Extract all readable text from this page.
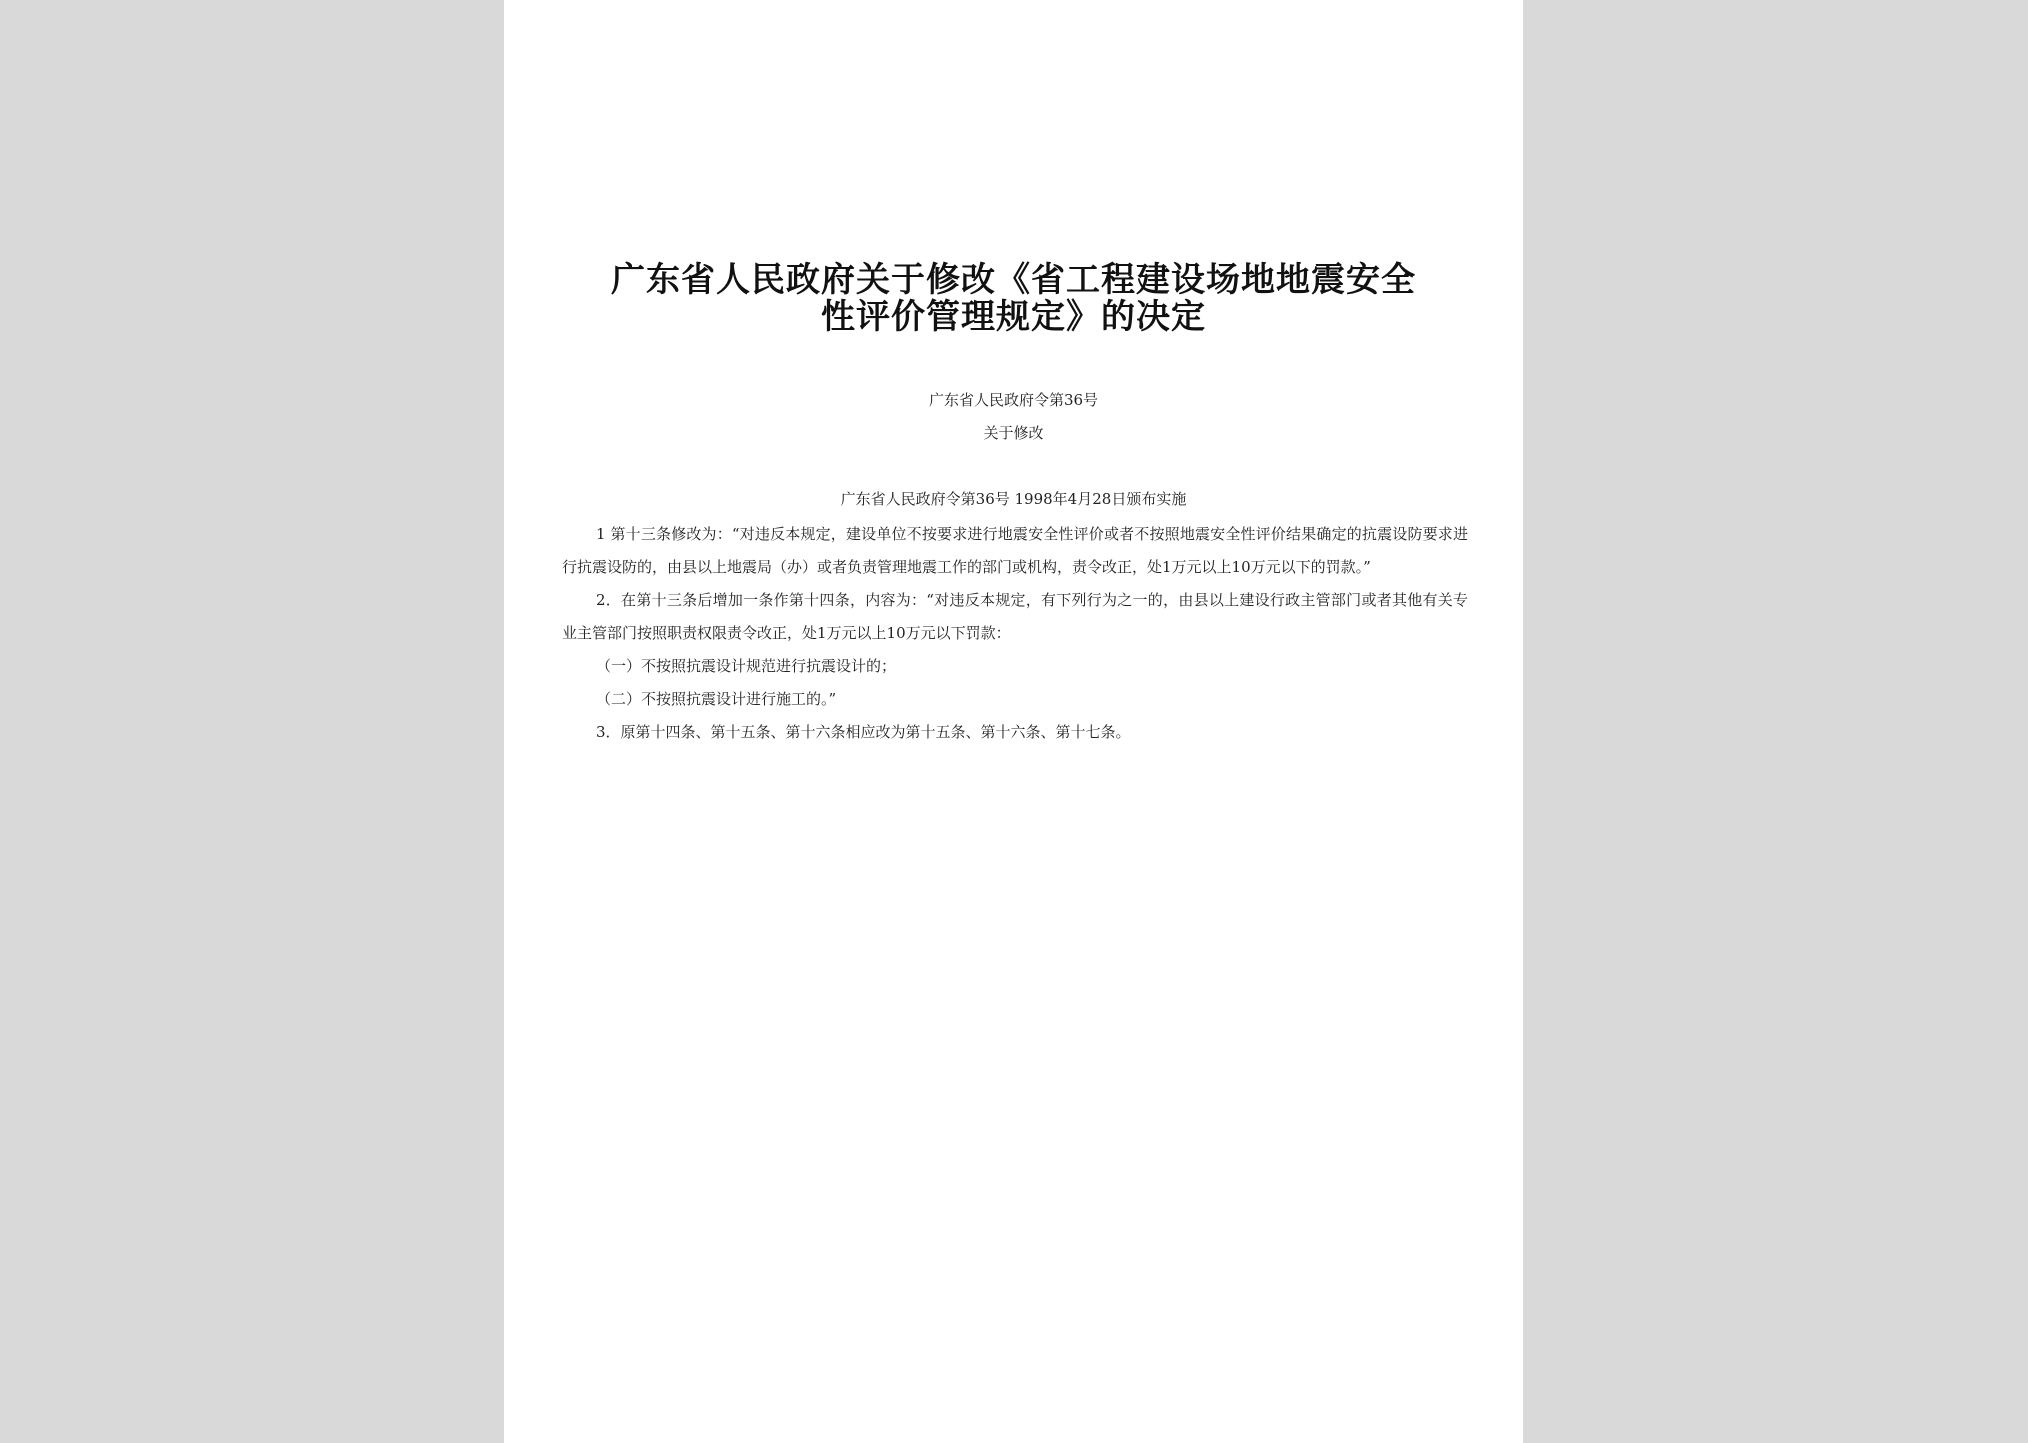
广东省人民政府关于修改《省工程建设场地地震安全
性评价管理规定》的决定
广东省人民政府令第36号
关于修改
广东省人民政府令第36号 1998年4月28日颁布实施

1 第十三条修改为：“对违反本规定，建设单位不按要求进行地震安全性评价或者不按照地震安全性评价结果确定的抗震设防要求进行抗震设防的，由县以上地震局（办）或者负责管理地震工作的部门或机构，责令改正，处1万元以上10万元以下的罚款。”

2．在第十三条后增加一条作第十四条，内容为：“对违反本规定，有下列行为之一的，由县以上建设行政主管部门或者其他有关专业主管部门按照职责权限责令改正，处1万元以上10万元以下罚款：

（一）不按照抗震设计规范进行抗震设计的；

（二）不按照抗震设计进行施工的。”

3．原第十四条、第十五条、第十六条相应改为第十五条、第十六条、第十七条。
